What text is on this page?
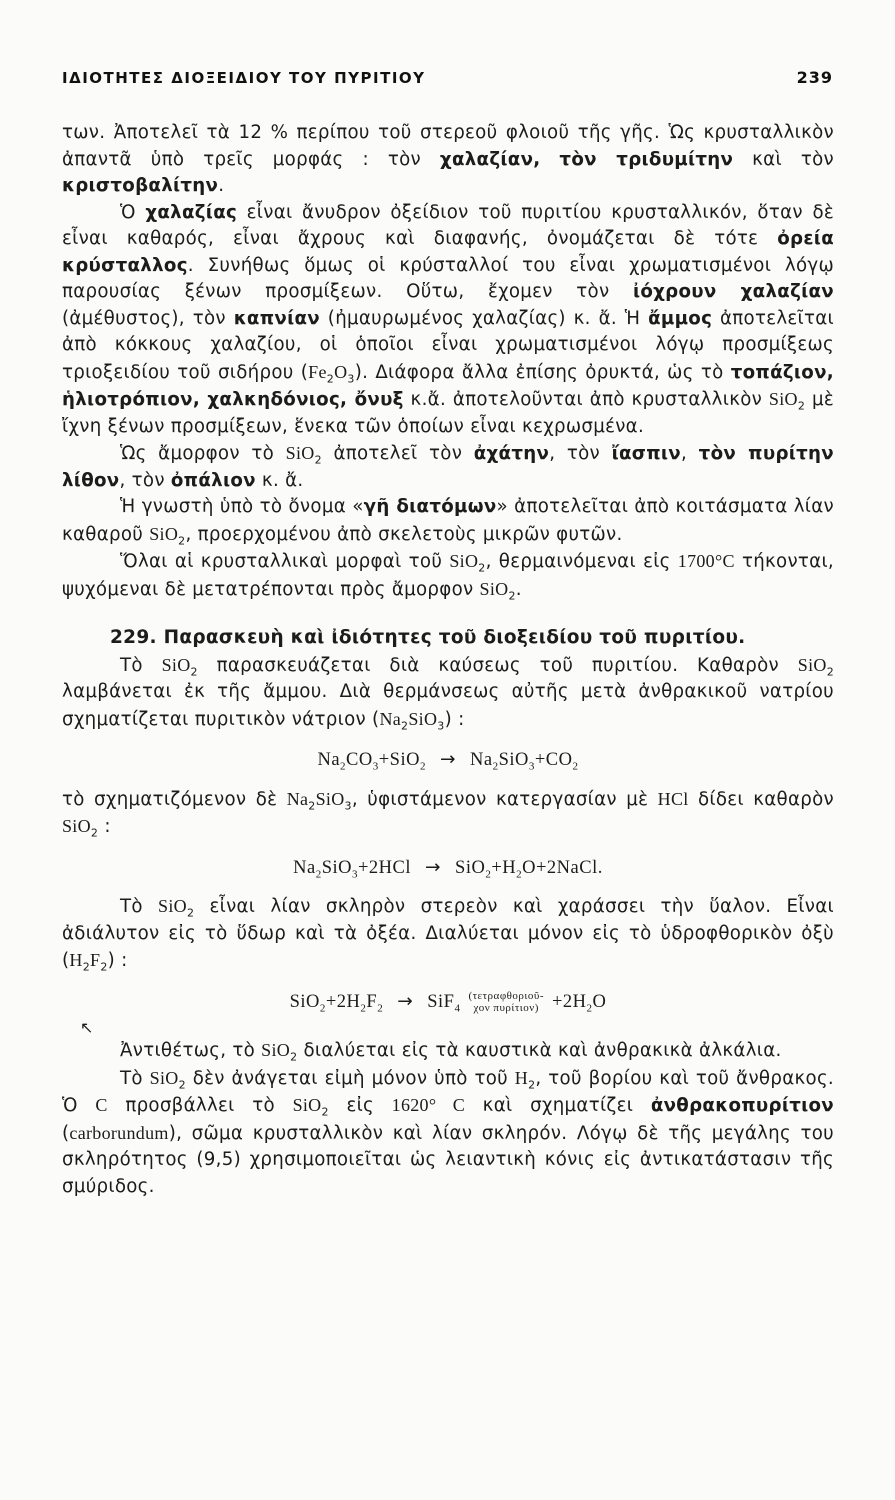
ΙΔΙΟΤΗΤΕΣ ΔΙΟΞΕΙΔΙΟΥ ΤΟΥ ΠΥΡΙΤΙΟΥ	239

των. Ἀποτελεῖ τὰ 12 % περίπου τοῦ στερεοῦ φλοιοῦ τῆς γῆς. Ὡς κρυσταλλικὸν ἀπαντᾶ ὑπὸ τρεῖς μορφάς : τὸν χαλαζίαν, τὸν τριδυμίτην καὶ τὸν κριστοβαλίτην.

Ὁ χαλαζίας εἶναι ἄνυδρον ὀξείδιον τοῦ πυριτίου κρυσταλλικόν, ὅταν δὲ εἶναι καθαρός, εἶναι ἄχρους καὶ διαφανής, ὀνομάζεται δὲ τότε ὀρεία κρύσταλλος. Συνήθως ὅμως οἱ κρύσταλλοί του εἶναι χρωματισμένοι λόγῳ παρουσίας ξένων προσμίξεων. Οὕτω, ἔχομεν τὸν ἰόχρουν χαλαζίαν (ἀμέθυστος), τὸν καπνίαν (ἠμαυρωμένος χαλαζίας) κ. ἄ. Ἡ ἄμμος ἀποτελεῖται ἀπὸ κόκκους χαλαζίου, οἱ ὁποῖοι εἶναι χρωματισμένοι λόγῳ προσμίξεως τριοξειδίου τοῦ σιδήρου $(Fe_2O_3)$. Διάφορα ἄλλα ἐπίσης ὀρυκτά, ὡς τὸ τοπάζιον, ἡλιοτρόπιον, χαλκηδόνιος, ὄνυξ κ.ἄ. ἀποτελοῦνται ἀπὸ κρυσταλλικὸν SiO$_2$ μὲ ἴχνη ξένων προσμίξεων, ἕνεκα τῶν ὁποίων εἶναι κεχρωσμένα.

Ὡς ἄμορφον τὸ SiO$_2$ ἀποτελεῖ τὸν ἀχάτην, τὸν ἴασπιν, τὸν πυρίτην λίθον, τὸν ὀπάλιον κ. ἄ.

Ἡ γνωστὴ ὑπὸ τὸ ὄνομα «γῆ διατόμων» ἀποτελεῖται ἀπὸ κοιτάσματα λίαν καθαροῦ SiO$_2$, προερχομένου ἀπὸ σκελετοὺς μικρῶν φυτῶν.

Ὅλαι αἱ κρυσταλλικαὶ μορφαὶ τοῦ SiO$_2$, θερμαινόμεναι εἰς 1700°C τήκονται, ψυχόμεναι δὲ μετατρέπονται πρὸς ἄμορφον SiO$_2$.

229. Παρασκευὴ καὶ ἰδιότητες τοῦ διοξειδίου τοῦ πυριτίου.

Τὸ SiO$_2$ παρασκευάζεται διὰ καύσεως τοῦ πυριτίου. Καθαρὸν SiO$_2$ λαμβάνεται ἐκ τῆς ἄμμου. Διὰ θερμάνσεως αὐτῆς μετὰ ἀνθρακικοῦ νατρίου σχηματίζεται πυριτικὸν νάτριον $(Na_2SiO_3)$ :

$Na_2CO_3+SiO_2 \to Na_2SiO_3+CO_2$

τὸ σχηματιζόμενον δὲ $Na_2SiO_3$, ὑφιστάμενον κατεργασίαν μὲ HCl δίδει καθαρὸν SiO$_2$ :

$Na_2SiO_3+2HCl$ → $SiO_2+H_2O+2NaCl$.

Τὸ SiO$_2$ εἶναι λίαν σκληρὸν στερεὸν καὶ χαράσσει τὴν ὕαλον. Εἶναι ἀδιάλυτον εἰς τὸ ὕδωρ καὶ τὰ ὀξέα. Διαλύεται μόνον εἰς τὸ ὑδροφθορικὸν ὀξὺ $(H_2F_2)$ :

$SiO_2+2H_2F_2$ → SiF$_4$(τετραφθοριοῦ-
χον $\pi\upsilon\rho ί\tau\iota o\nu) +2H_2O$
↖

Ἀντιθέτως, τὸ SiO$_2$ διαλύεται εἰς τὰ καυστικὰ καὶ ἀνθρακικὰ ἀλκάλια.

Τὸ SiO$_2$ δὲν ἀνάγεται εἰμὴ μόνον ὑπὸ τοῦ $H_2$, τοῦ βορίου καὶ τοῦ ἄνθρακος. Ὁ C προσβάλλει τὸ SiO$_2$ εἰς 1620° C καὶ σχηματίζει ἀνθρακοπυρίτιον (carborundum), σῶμα κρυσταλλικὸν καὶ λίαν σκληρόν. Λόγῳ δὲ τῆς μεγάλης του σκληρότητος (9,5) χρησιμοποιεῖται ὡς λειαντικὴ κόνις εἰς ἀντικατάστασιν τῆς σμύριδος.
